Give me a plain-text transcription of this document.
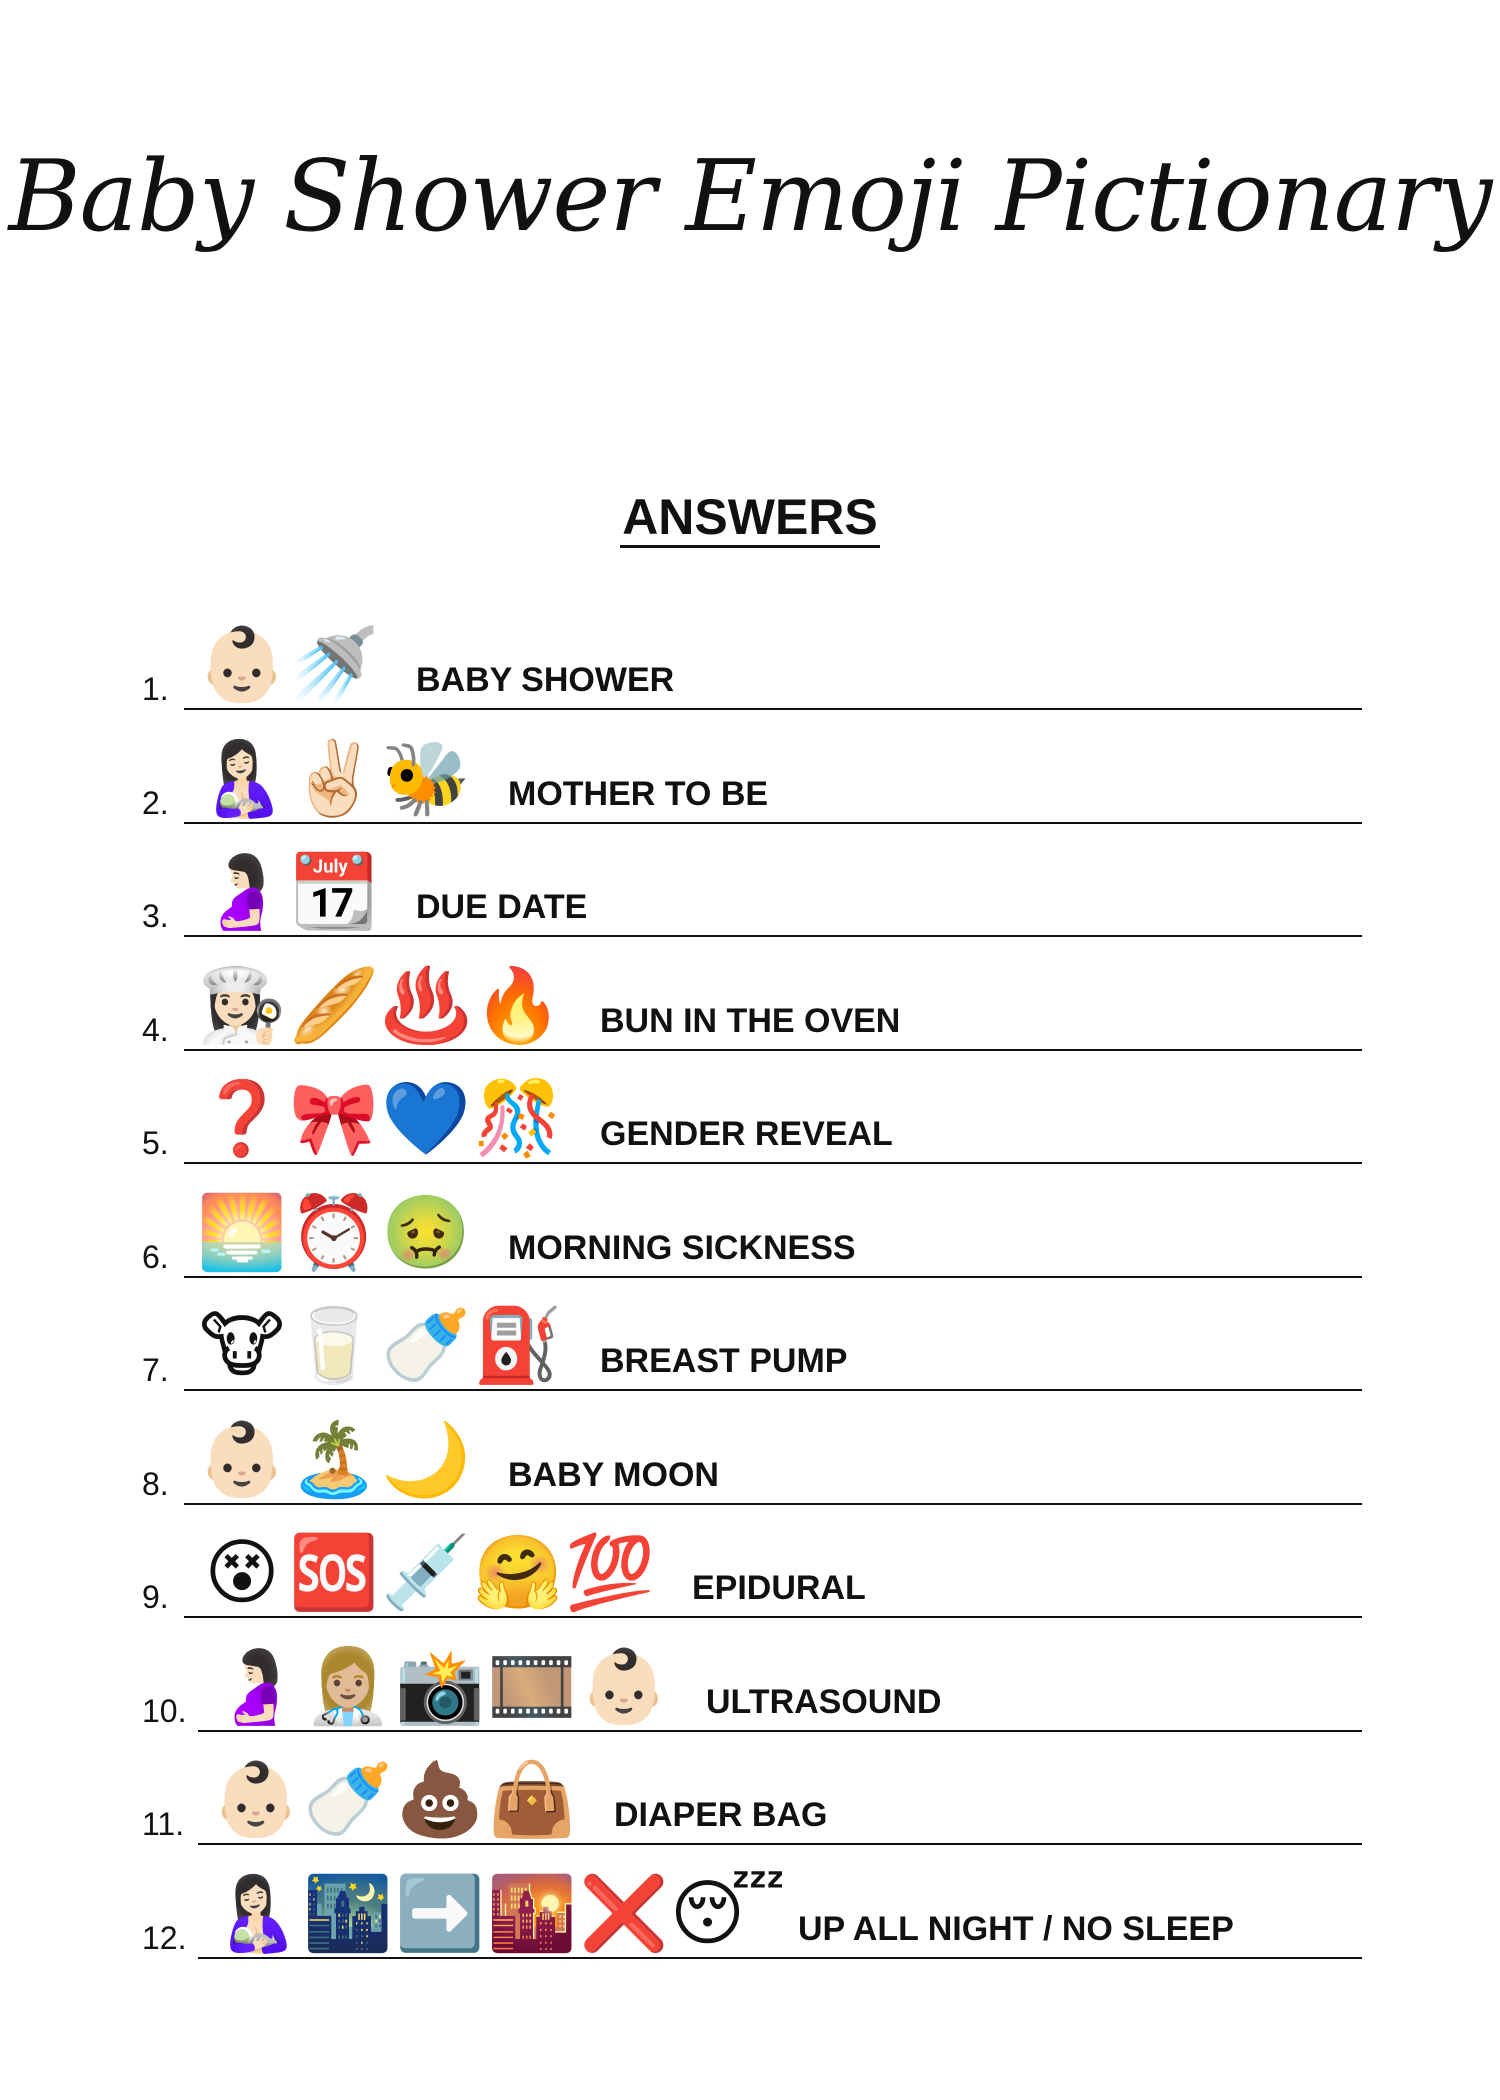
Baby Shower Emoji Pictionary
ANSWERS
1. 👶🏻🚿 BABY SHOWER
2. 🤱🏻✌🏻🐝 MOTHER TO BE
3. 🤰🏻📆 DUE DATE
4. 👩🏻‍🍳🥖♨️🔥 BUN IN THE OVEN
5. ❓🎀💙🎊 GENDER REVEAL
6. 🌅⏰🤢 MORNING SICKNESS
7. 🐮🥛🍼⛽ BREAST PUMP
8. 👶🏻🏝️🌙 BABY MOON
9. 😵 🆘💉🤗💯 EPIDURAL
10. 🤰🏻👩🏼‍⚕️📸🎞️👶🏻 ULTRASOUND
11. 👶🏻🍼💩👜 DIAPER BAG
12. 🤱🏻🌃➡️🌇❌😴 UP ALL NIGHT / NO SLEEP
